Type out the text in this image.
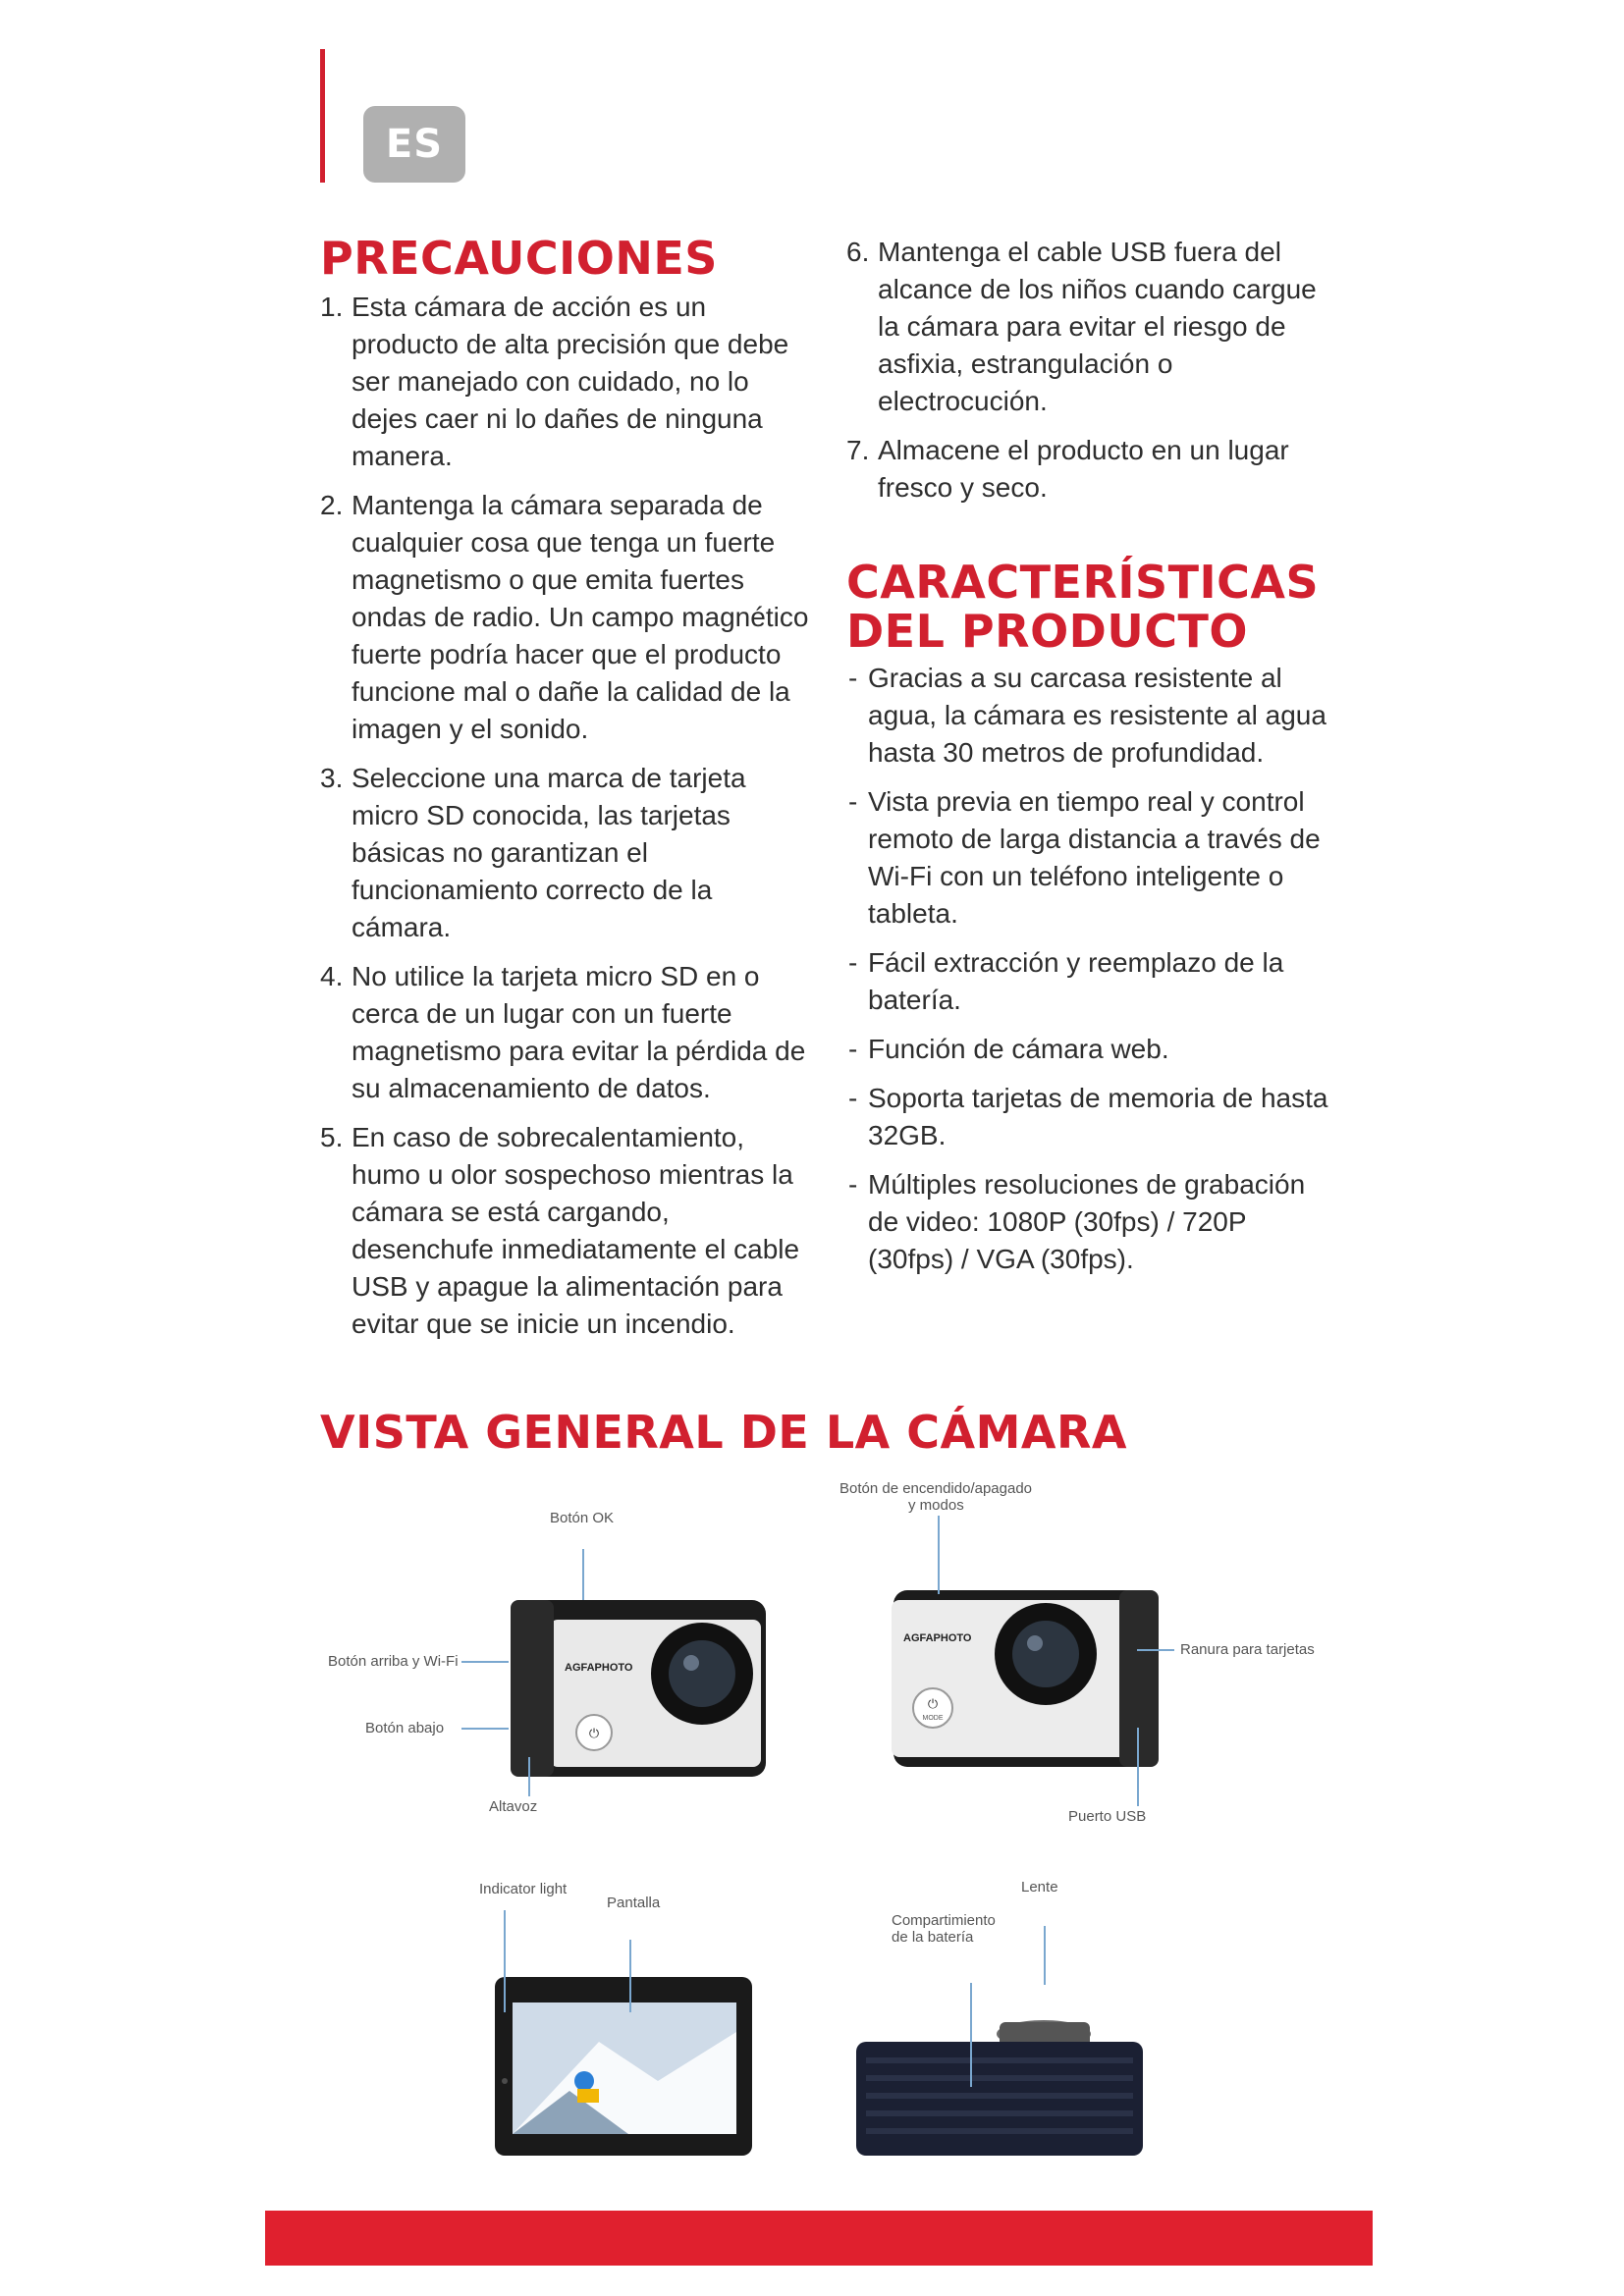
ES
PRECAUCIONES
1. Esta cámara de acción es un producto de alta precisión que debe ser manejado con cuidado, no lo dejes caer ni lo dañes de ninguna manera.
2. Mantenga la cámara separada de cualquier cosa que tenga un fuerte magnetismo o que emita fuertes ondas de radio. Un campo magnético fuerte podría hacer que el producto funcione mal o dañe la calidad de la imagen y el sonido.
3. Seleccione una marca de tarjeta micro SD conocida, las tarjetas básicas no garantizan el funcionamiento correcto de la cámara.
4. No utilice la tarjeta micro SD en o cerca de un lugar con un fuerte magnetismo para evitar la pérdida de su almacenamiento de datos.
5. En caso de sobrecalentamiento, humo u olor sospechoso mientras la cámara se está cargando, desenchufe inmediatamente el cable USB y apague la alimentación para evitar que se inicie un incendio.
6. Mantenga el cable USB fuera del alcance de los niños cuando cargue la cámara para evitar el riesgo de asfixia, estrangulación o electrocución.
7. Almacene el producto en un lugar fresco y seco.
CARACTERÍSTICAS
DEL PRODUCTO
- Gracias a su carcasa resistente al agua, la cámara es resistente al agua hasta 30 metros de profundidad.
- Vista previa en tiempo real y control remoto de larga distancia a través de Wi-Fi con un teléfono inteligente o tableta.
- Fácil extracción y reemplazo de la batería.
- Función de cámara web.
- Soporta tarjetas de memoria de hasta 32GB.
- Múltiples resoluciones de grabación de video: 1080P (30fps) / 720P (30fps) / VGA (30fps).
VISTA GENERAL DE LA CÁMARA
AGFAPHOTO
⏻
Botón OK
Botón arriba y Wi-Fi
Botón abajo
Altavoz
AGFAPHOTO
⏻
MODE
Botón de encendido/apagado
y modos
Ranura para tarjetas
Puerto USB
Indicator light
Pantalla
Lente
Compartimiento
de la batería
